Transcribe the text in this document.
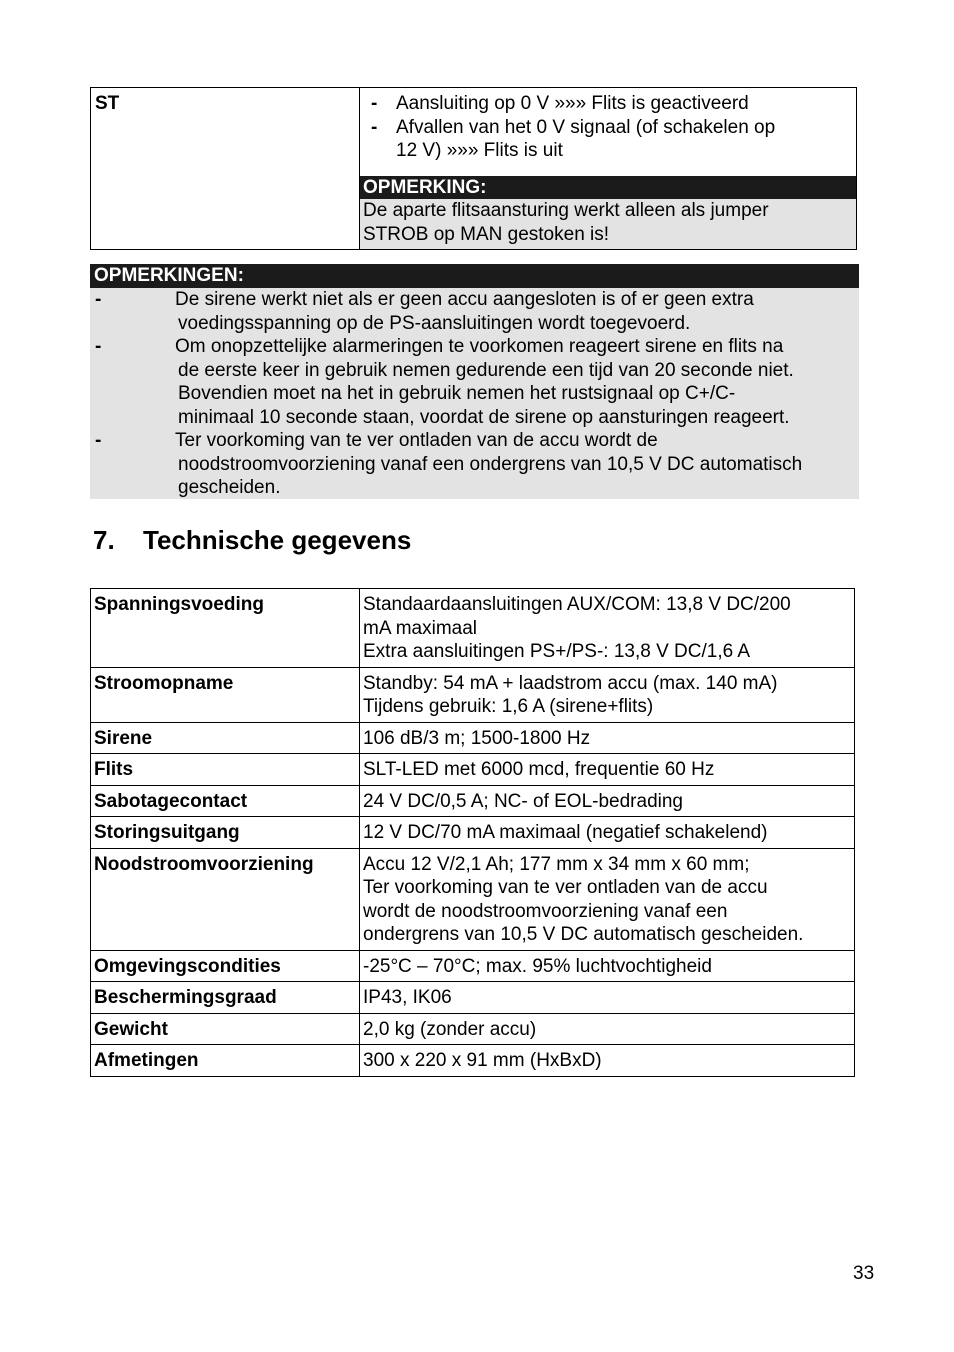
ST	- Aansluiting op 0 V »»» Flits is geactiveerd
- Afvallen van het 0 V signaal (of schakelen op
12 V) »»» Flits is uit
OPMERKING:
De aparte flitsaansturing werkt alleen als jumper
STROB op MAN gestoken is!
OPMERKINGEN:
-	De sirene werkt niet als er geen accu aangesloten is of er geen extra
voedingsspanning op de PS-aansluitingen wordt toegevoerd.
-	Om onopzettelijke alarmeringen te voorkomen reageert sirene en flits na
de eerste keer in gebruik nemen gedurende een tijd van 20 seconde niet.
Bovendien moet na het in gebruik nemen het rustsignaal op C+/C-
minimaal 10 seconde staan, voordat de sirene op aansturingen reageert.
-	Ter voorkoming van te ver ontladen van de accu wordt de
noodstroomvoorziening vanaf een ondergrens van 10,5 V DC automatisch
gescheiden.
7. Technische gegevens
Spanningsvoeding	Standaardaansluitingen AUX/COM: 13,8 V DC/200
mA maximaal
Extra aansluitingen PS+/PS-: 13,8 V DC/1,6 A
Stroomopname	Standby: 54 mA + laadstrom accu (max. 140 mA)
Tijdens gebruik: 1,6 A (sirene+flits)
Sirene	106 dB/3 m; 1500-1800 Hz
Flits	SLT-LED met 6000 mcd, frequentie 60 Hz
Sabotagecontact	24 V DC/0,5 A; NC- of EOL-bedrading
Storingsuitgang	12 V DC/70 mA maximaal (negatief schakelend)
Noodstroomvoorziening	Accu 12 V/2,1 Ah; 177 mm x 34 mm x 60 mm;
Ter voorkoming van te ver ontladen van de accu
wordt de noodstroomvoorziening vanaf een
ondergrens van 10,5 V DC automatisch gescheiden.
Omgevingscondities	-25°C – 70°C; max. 95% luchtvochtigheid
Beschermingsgraad	IP43, IK06
Gewicht	2,0 kg (zonder accu)
Afmetingen	300 x 220 x 91 mm (HxBxD)
33
